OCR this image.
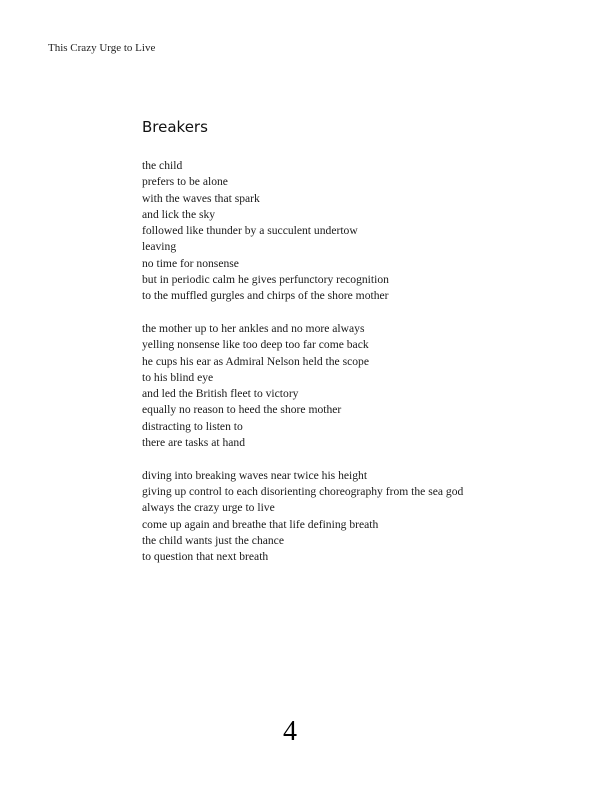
This Crazy Urge to Live
Breakers
the child
prefers to be alone
with the waves that spark
and lick the sky
followed like thunder by a succulent undertow
leaving
no time for nonsense
but in periodic calm he gives perfunctory recognition
to the muffled gurgles and chirps of the shore mother
the mother up to her ankles and no more always
yelling nonsense like too deep too far come back
he cups his ear as Admiral Nelson held the scope
to his blind eye
and led the British fleet to victory
equally no reason to heed the shore mother
distracting to listen to
there are tasks at hand
diving into breaking waves near twice his height
giving up control to each disorienting choreography from the sea god
always the crazy urge to live
come up again and breathe that life defining breath
the child wants just the chance
to question that next breath
4
